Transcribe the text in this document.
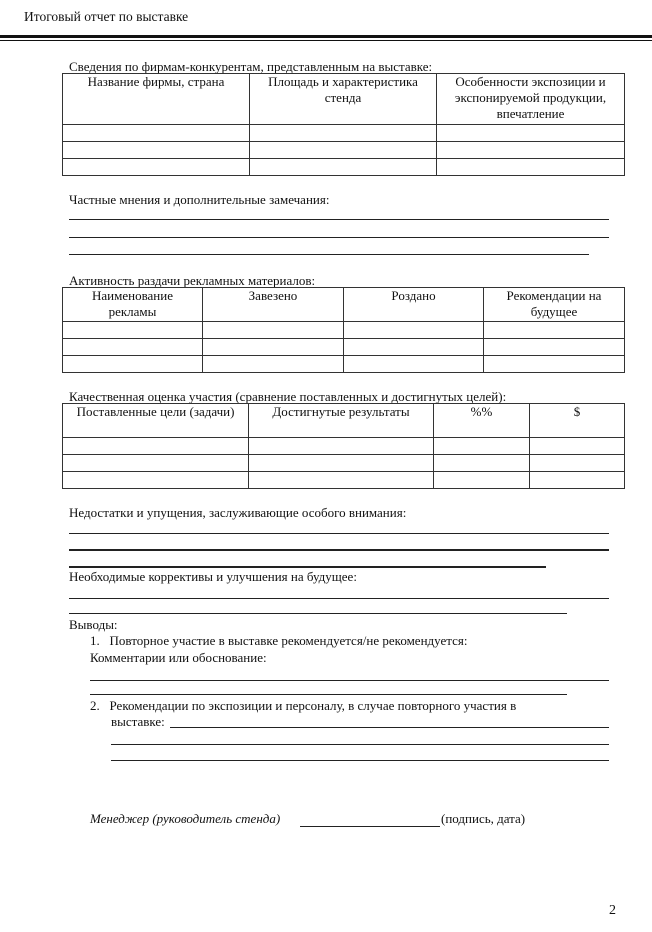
Итоговый отчет по выставке
Сведения по фирмам-конкурентам, представленным на выставке:
Название фирмы, страна	Площадь и характеристика стенда	Особенности экспозиции и экспонируемой продукции, впечатление

Частные мнения и дополнительные замечания:
Активность раздачи рекламных материалов:
Наименование рекламы	Завезено	Роздано	Рекомендации на будущее

Качественная оценка участия (сравнение поставленных и достигнутых целей):
Поставленные цели (задачи)	Достигнутые результаты	%%	$

Недостатки и упущения, заслуживающие особого внимания:
Необходимые коррективы и улучшения на будущее:
Выводы:
1. Повторное участие в выставке рекомендуется/не рекомендуется:
Комментарии или обоснование:
2. Рекомендации по экспозиции и персоналу, в случае повторного участия в
выставке:
Менеджер (руководитель стенда)	(подпись, дата)
2
